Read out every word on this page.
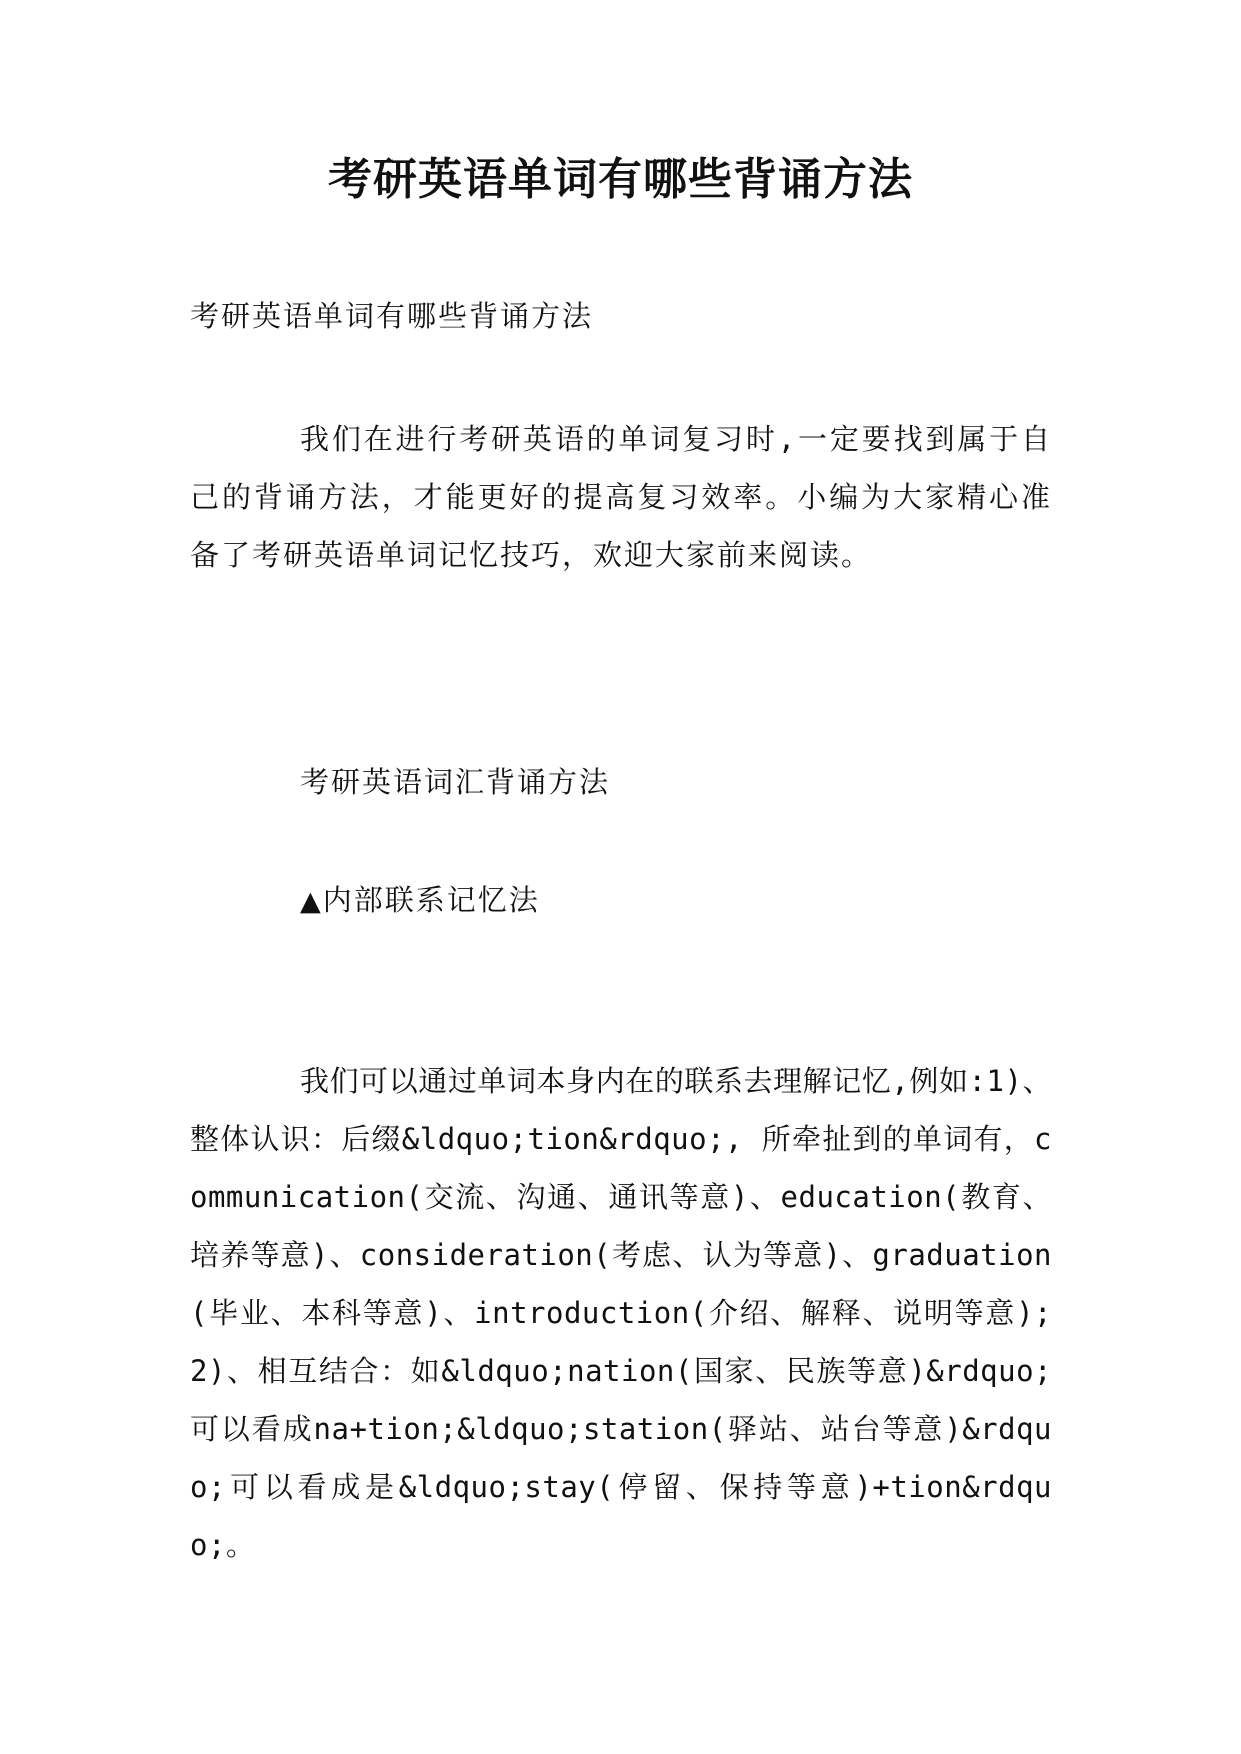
考研英语单词有哪些背诵方法

考研英语单词有哪些背诵方法

我们在进行考研英语的单词复习时,一定要找到属于自己的背诵方法，才能更好的提高复习效率。小编为大家精心准备了考研英语单词记忆技巧，欢迎大家前来阅读。

考研英语词汇背诵方法

▲内部联系记忆法

我们可以通过单词本身内在的联系去理解记忆,例如:1)、整体认识：后缀&ldquo;tion&rdquo;, 所牵扯到的单词有，communication(交流、沟通、通讯等意)、education(教育、培养等意)、consideration(考虑、认为等意)、graduation(毕业、本科等意)、introduction(介绍、解释、说明等意);2)、相互结合：如&ldquo;nation(国家、民族等意)&rdquo;可以看成na+tion;&ldquo;station(驿站、站台等意)&rdquo;可以看成是&ldquo;stay(停留、保持等意)+tion&rdquo;。
